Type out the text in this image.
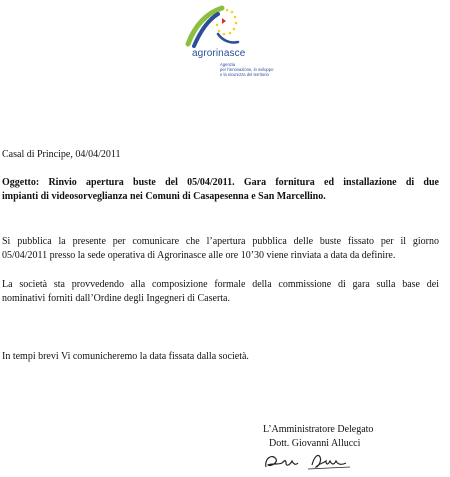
agrorinasce
Agenzia
per l'innovazione, lo sviluppo
e la sicurezza del territorio
Casal di Principe, 04/04/2011
Oggetto: Rinvio apertura buste del 05/04/2011. Gara fornitura ed installazione di due
impianti di videosorveglianza nei Comuni di Casapesenna e San Marcellino.
Si pubblica la presente per comunicare che l’apertura pubblica delle buste fissato per il giorno
05/04/2011 presso la sede operativa di Agrorinasce alle ore 10’30 viene rinviata a data da definire.
La società sta provvedendo alla composizione formale della commissione di gara sulla base dei
nominativi forniti dall’Ordine degli Ingegneri di Caserta.
In tempi brevi Vi comunicheremo la data fissata dalla società.
L’Amministratore Delegato

Dott. Giovanni Allucci
